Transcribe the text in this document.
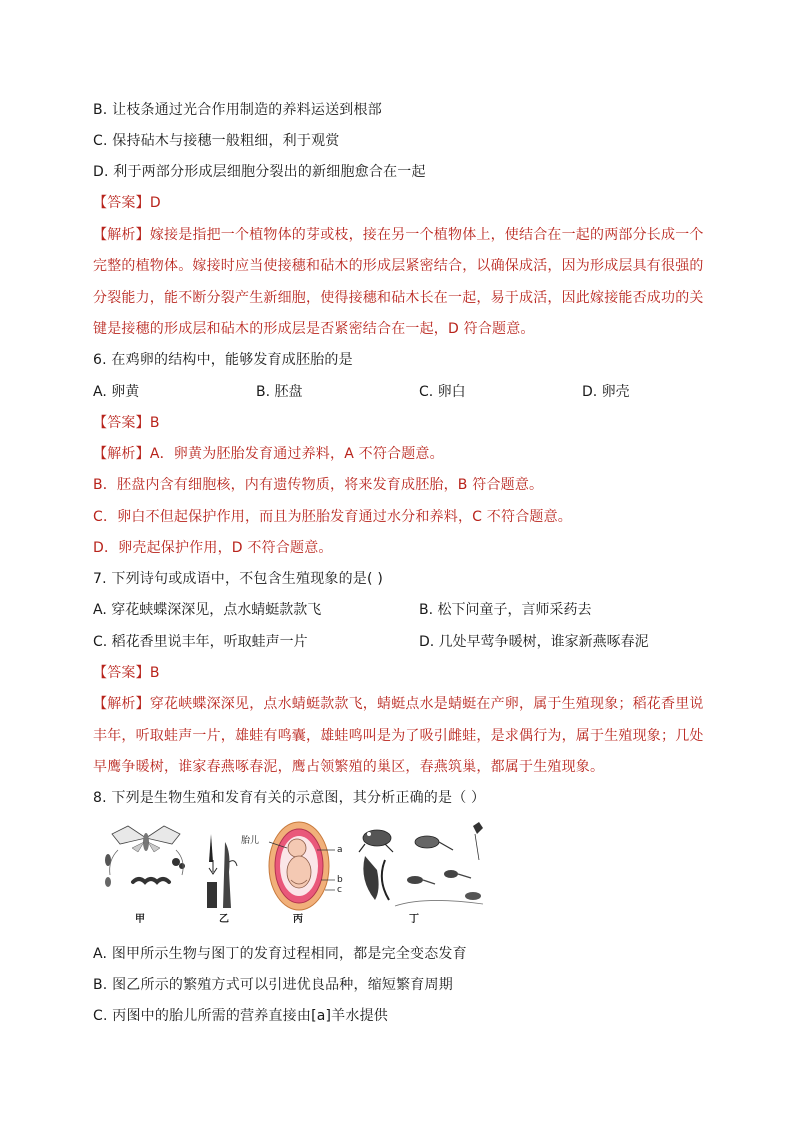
B. 让枝条通过光合作用制造的养料运送到根部
C. 保持砧木与接穗一般粗细，利于观赏
D. 利于两部分形成层细胞分裂出的新细胞愈合在一起
【答案】D
【解析】嫁接是指把一个植物体的芽或枝，接在另一个植物体上，使结合在一起的两部分长成一个
完整的植物体。嫁接时应当使接穗和砧木的形成层紧密结合，以确保成活，因为形成层具有很强的
分裂能力，能不断分裂产生新细胞，使得接穗和砧木长在一起，易于成活，因此嫁接能否成功的关
键是接穗的形成层和砧木的形成层是否紧密结合在一起，D 符合题意。
6. 在鸡卵的结构中，能够发育成胚胎的是
A. 卵黄	B. 胚盘	C. 卵白	D. 卵壳
【答案】B
【解析】A．卵黄为胚胎发育通过养料，A 不符合题意。
B．胚盘内含有细胞核，内有遗传物质，将来发育成胚胎，B 符合题意。
C．卵白不但起保护作用，而且为胚胎发育通过水分和养料，C 不符合题意。
D．卵壳起保护作用，D 不符合题意。
7. 下列诗句或成语中，不包含生殖现象的是( )
A. 穿花蛱蝶深深见，点水蜻蜓款款飞	B. 松下问童子，言师采药去
C. 稻花香里说丰年，听取蛙声一片	D. 几处早莺争暖树，谁家新燕啄春泥
【答案】B
【解析】穿花峡蝶深深见，点水蜻蜓款款飞，蜻蜓点水是蜻蜓在产卵，属于生殖现象；稻花香里说
丰年，听取蛙声一片，雄蛙有鸣囊，雄蛙鸣叫是为了吸引雌蛙，是求偶行为，属于生殖现象；几处
早鹰争暖树，谁家春燕啄春泥，鹰占领繁殖的巢区，春燕筑巢，都属于生殖现象。
8. 下列是生物生殖和发育有关的示意图，其分析正确的是（ ）
甲	乙
胎儿
a
b
c
丙	丁
A. 图甲所示生物与图丁的发育过程相同，都是完全变态发育
B. 图乙所示的繁殖方式可以引进优良品种，缩短繁育周期
C. 丙图中的胎儿所需的营养直接由[a]羊水提供
